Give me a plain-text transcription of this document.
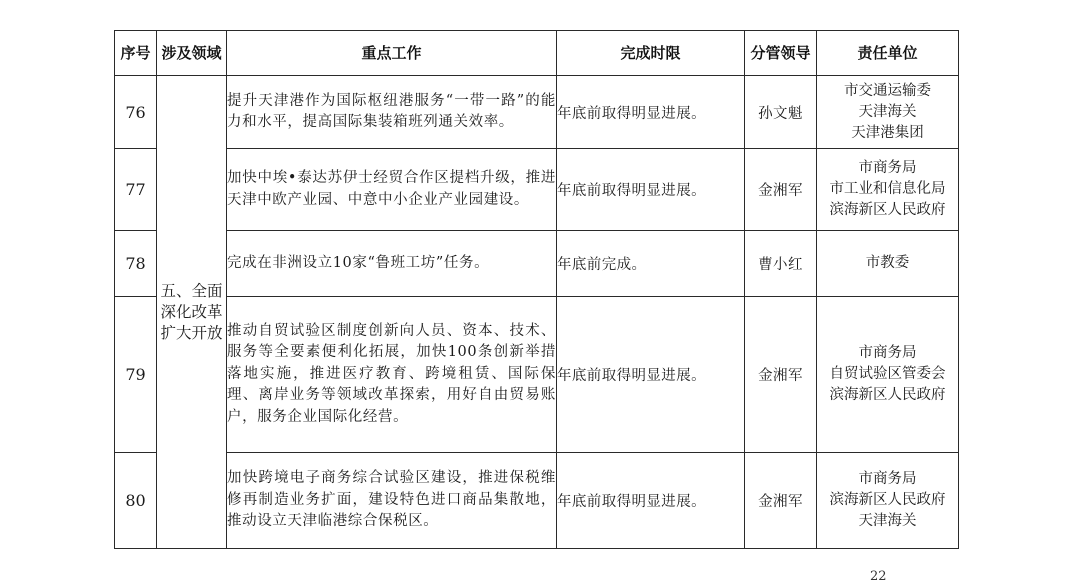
序号	涉及领域	重点工作	完成时限	分管领导	责任单位
76	五、全面深化改革扩大开放	提升天津港作为国际枢纽港服务“一带一路”的能力和水平，提高国际集装箱班列通关效率。	年底前取得明显进展。	孙文魁	市交通运输委
天津海关
天津港集团

77		加快中埃•泰达苏伊士经贸合作区提档升级，推进天津中欧产业园、中意中小企业产业园建设。	年底前取得明显进展。	金湘军	市商务局
市工业和信息化局
滨海新区人民政府

78		完成在非洲设立10家“鲁班工坊”任务。	年底前完成。	曹小红	市教委

79		推动自贸试验区制度创新向人员、资本、技术、服务等全要素便利化拓展，加快100条创新举措落地实施，推进医疗教育、跨境租赁、国际保理、离岸业务等领域改革探索，用好自由贸易账户，服务企业国际化经营。	年底前取得明显进展。	金湘军	市商务局
自贸试验区管委会
滨海新区人民政府

80		加快跨境电子商务综合试验区建设，推进保税维修再制造业务扩面，建设特色进口商品集散地，推动设立天津临港综合保税区。	年底前取得明显进展。	金湘军	市商务局
滨海新区人民政府
天津海关
22
